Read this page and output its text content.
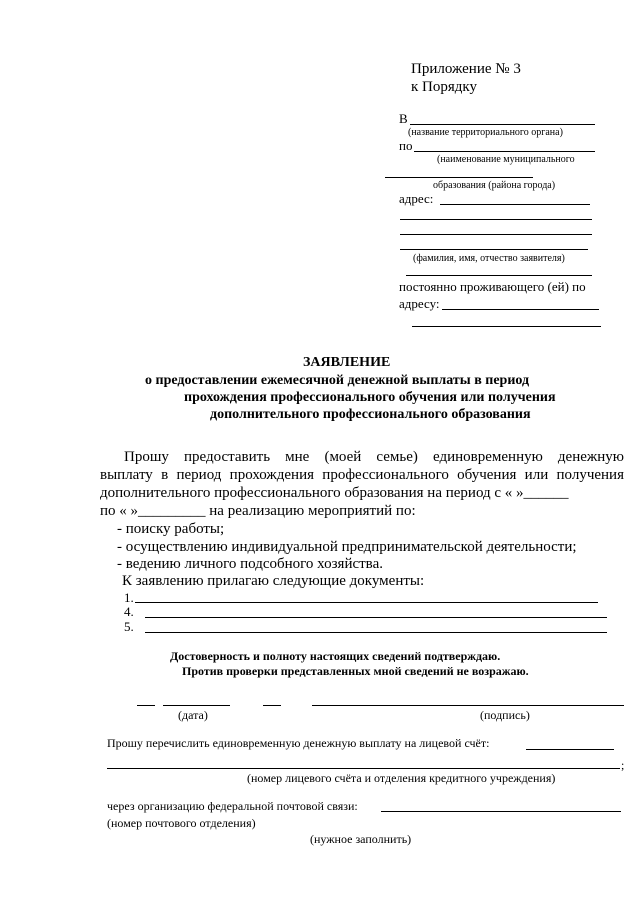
Приложение № 3
к Порядку
В
(название территориального органа)
по
(наименование муниципального
образования (района города)
адрес:
(фамилия, имя, отчество заявителя)
постоянно проживающего (ей) по
адресу:
ЗАЯВЛЕНИЕ
о предоставлении ежемесячной денежной выплаты в период
прохождения профессионального обучения или получения
дополнительного профессионального образования
Прошу предоставить мне (моей семье) единовременную денежную
выплату в период прохождения профессионального обучения или получения
дополнительного профессионального образования на период с « »______
по « »_________ на реализацию мероприятий по:
- поиску работы;
- осуществлению индивидуальной предпринимательской деятельности;
- ведению личного подсобного хозяйства.
К заявлению прилагаю следующие документы:
1.
4.
5.
Достоверность и полноту настоящих сведений подтверждаю.
Против проверки представленных мной сведений не возражаю.
(дата)	(подпись)
Прошу перечислить единовременную денежную выплату на лицевой счёт:
;
(номер лицевого счёта и отделения кредитного учреждения)
через организацию федеральной почтовой связи:
(номер почтового отделения)
(нужное заполнить)
